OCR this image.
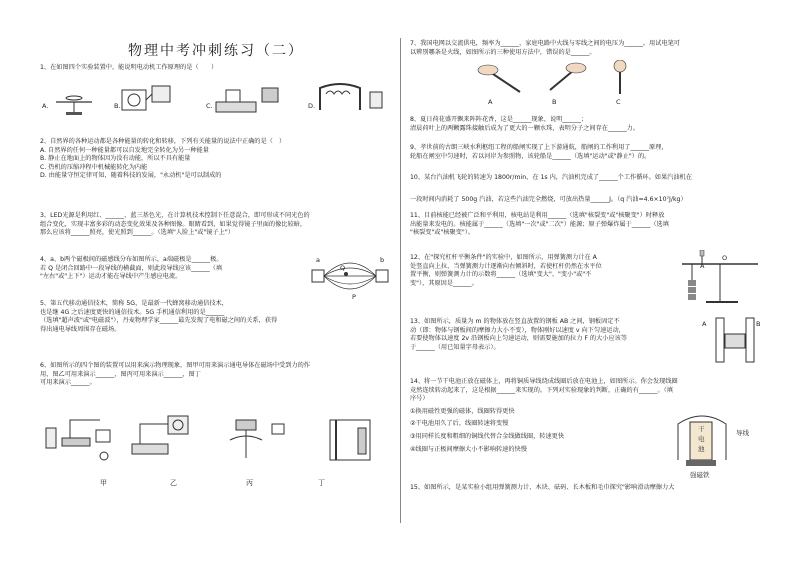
物理中考冲刺练习（二）
1、在如图四个实验装置中，能说明电动机工作原理的是（　　）
A.	B.	C.	D.
2、自然界的各种运动都是各种能量的转化和转移，下列有关能量的说法中正确的是（　）
A. 自然界的任何一种能量都可以自发地完全转化为另一种能量
B. 静止在地面上的物体因为没有动能，所以不具有能量
C. 热机的压缩冲程中机械能转化为内能
D. 由能量守恒定律可知，随着科技的发展，"永动机"是可以制成的
3、LED光源是利用红、______、蓝三基色光，在计算机技术控制下任意混合，即可形成不同光色的
组合变化，实现丰富多彩的动态变化效果及各种图像。眼睛看到，如果觉得镜子里面的像比较暗，
那么应该将______照亮，使光照到______。（选填"人脸上"或"镜子上"）
4、a、b两个磁极间的磁感线分布如图所示，a端磁极是______极。
若 Q 是闭合回路中一段导线的横截面，则此段导线应该______（填
"左右"或"上下"）运动才能在导线中产生感应电流。
a
Q
b
P
5、第五代移动通信技术，简称 5G，是最新一代蜂窝移动通信技术，
也是继 4G 之后速度更快的通信技术。5G 手机通信利用的是______
（选填"超声波"或"电磁波"），丹麦物理学家______最先发现了电和磁之间的关系，获得
得出通电导线周围存在磁场。
6、如图所示的四个图的装置可以用来演示物理现象，图甲可用来演示通电导体在磁场中受到力的作
用，图乙可用来演示______，图丙可用来演示______，图丁
可用来演示______。
甲	乙	丙	丁
7、我国电网以交流供电，频率为______，家庭电路中火线与零线之间的电压为______。用试电笔可
以辨别哪条是火线，如图所示的三种使用方法中，错误的是______。
A	B	C
8、夏日荷花盛开飘来阵阵花香，这是______现象，说明______；
清晨荷叶上的两颗露珠接触后成为了更大的一颗水珠，表明分子之间存在______力。
9、孝世前的古朗三峡水利枢纽工程的船闸实现了上下游通航，船闸的工作利用了______原理，
轮船在闸室中匀速时，若以河岸为参照物，该轮船是______（选填"运动"或"静止"）的。
10、某台汽油机飞轮的转速为 1800r/min，在 1s 内，汽油机完成了______个工作循环。如果汽油机在
一段时间内消耗了 500g 汽油，若这些汽油完全燃烧，可放出热量______J。（q 汽油=4.6×10⁷J/kg）
11、目前核能已经被广泛和平利用，核电站是利用______（选填"核裂变"或"核聚变"）时释放
出能量来发电的。核能属于______（选填"一次"或"二次"）能源；原子弹爆炸属于______（选填
"核裂变"或"核聚变"）。
12、在"探究杠杆平衡条件"的实验中，如图所示，用弹簧测力计在 A
处竖直向上拉，当弹簧测力计逐渐向右倾斜时，若使杠杆仍然在水平位
置平衡，则弹簧测力计的示数将______（选填"变大"、"变小"或"不
变"），其原因是______。
A
O
13、如图所示，质量为 m 的物体放在竖直放置的钢板 AB 之间，钢板固定不
动（即：物体与钢板间的摩擦力大小不变），物体刚好以速度 v 向下匀速运动，
若要使物体以速度 2v 沿钢板向上匀速运动，则需要施加的拉力 F 的大小应该等
于______（用已知量字母表示）。
A	B
14、将一节干电池正放在磁体上，再将铜质导线绕成线圈后放在电池上，如图所示。你会发现线圈
竟然连续转动起来了，这是根据______来实现的。下列对实验现象的判断，正确的有______。（填
序号）
①换用磁性更强的磁体，线圈转得更快
②干电池用久了后，线圈转速将变慢
③用同样长度和粗细的铜线代替合金线做线圈，转速更快
④线圈与正极间摩擦大小不影响转速的快慢
导线
干
电
池
强磁铁
15、如图所示，是某实验小组用弹簧测力计、木块、砝码、长木板和毛巾探究"影响滑动摩擦力大
